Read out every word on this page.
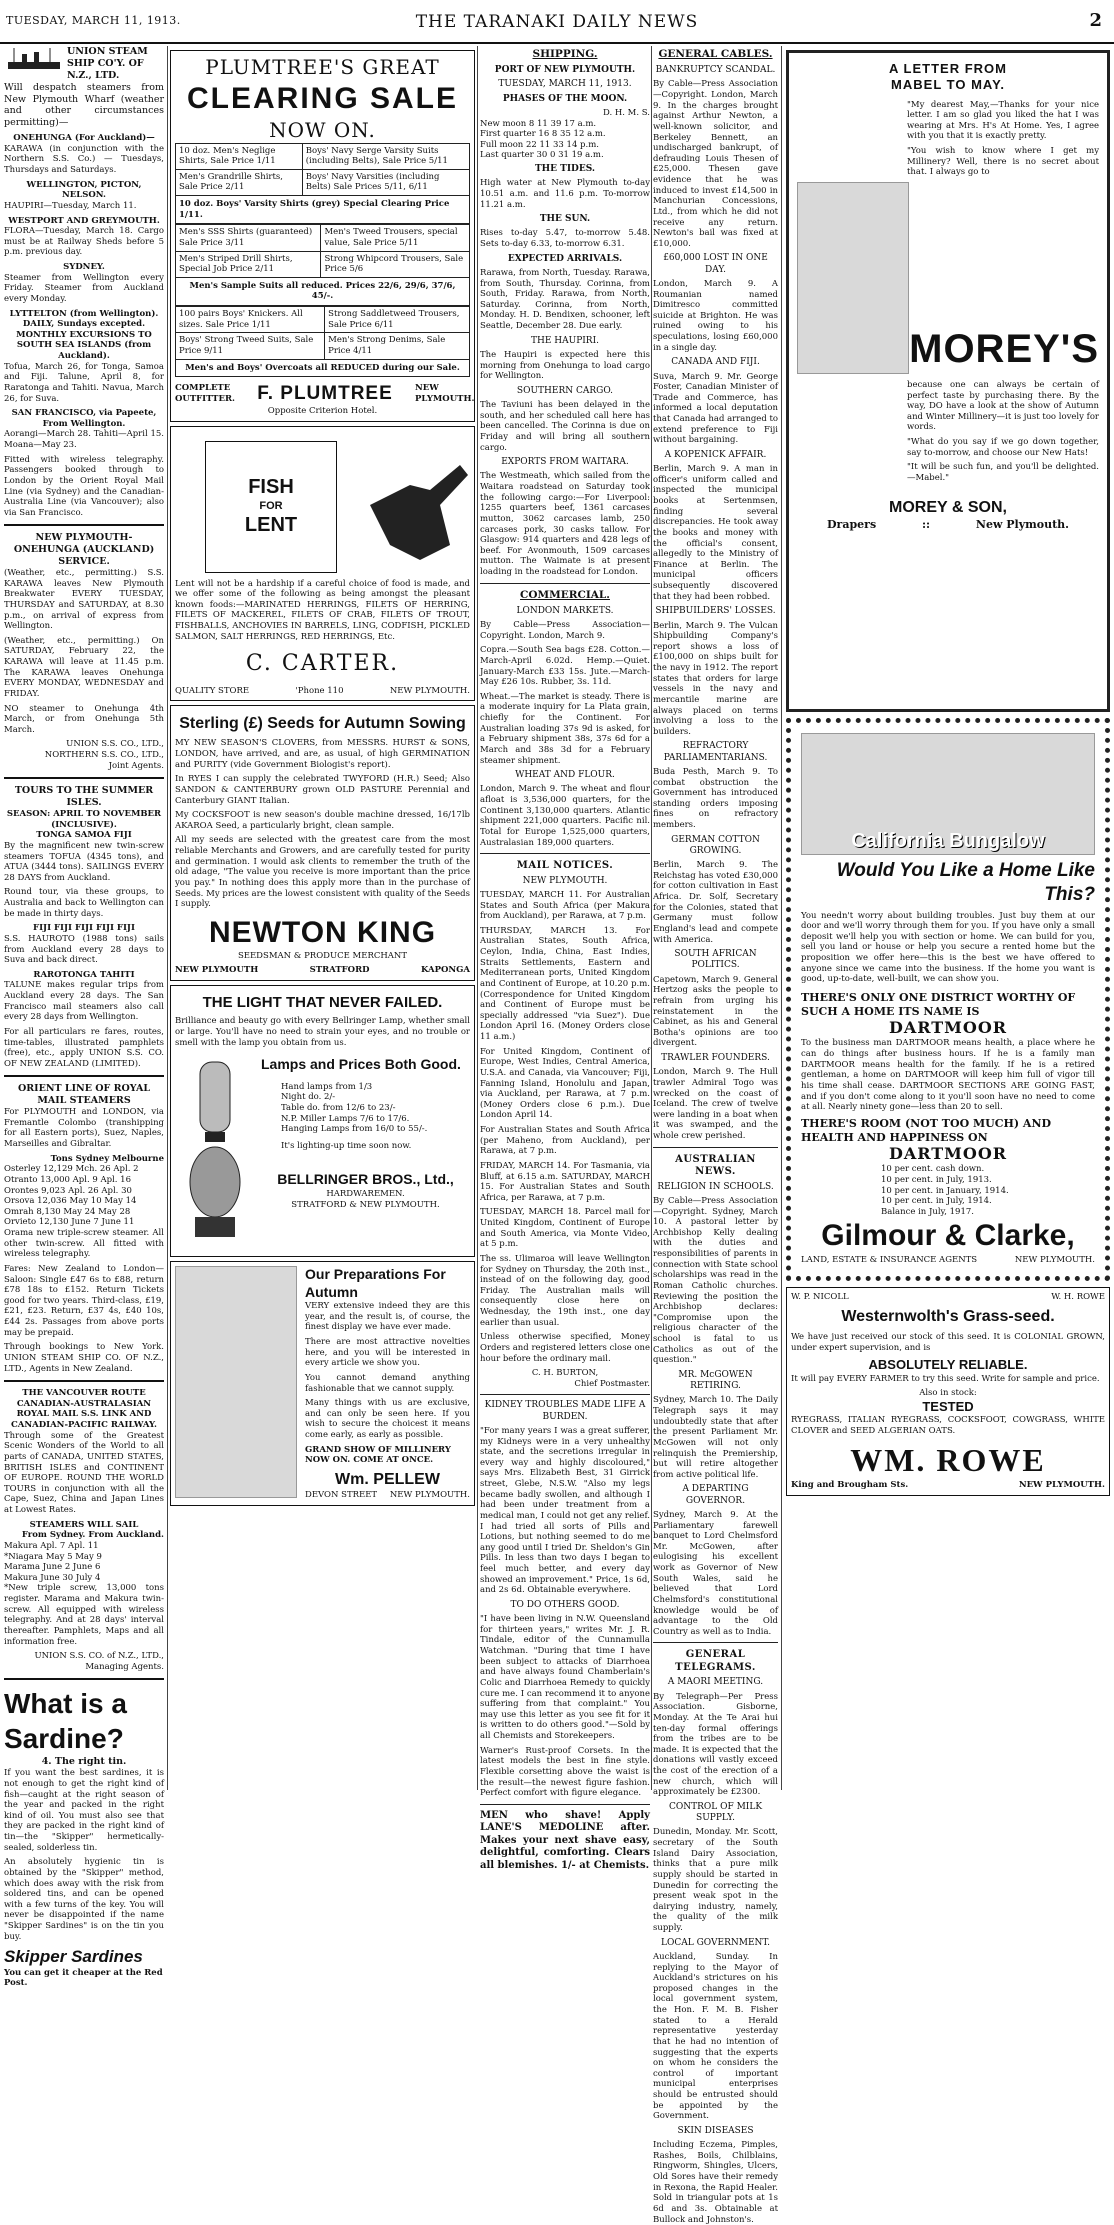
TUESDAY, MARCH 11, 1913.	THE TARANAKI DAILY NEWS	2
UNION STEAM SHIP CO'Y. OF N.Z., LTD.

Will despatch steamers from New Plymouth Wharf (weather and other circumstances permitting)—

ONEHUNGA (For Auckland)—

KARAWA (in conjunction with the Northern S.S. Co.) — Tuesdays, Thursdays and Saturdays.

WELLINGTON, PICTON, NELSON.

HAUPIRI—Tuesday, March 11.

WESTPORT AND GREYMOUTH.

FLORA—Tuesday, March 18. Cargo must be at Railway Sheds before 5 p.m. previous day.

SYDNEY.

Steamer from Wellington every Friday. Steamer from Auckland every Monday.

LYTTELTON (from Wellington). DAILY, Sundays excepted.
MONTHLY EXCURSIONS TO SOUTH SEA ISLANDS (from Auckland).

Tofua, March 26, for Tonga, Samoa and Fiji. Talune, April 8, for Raratonga and Tahiti. Navua, March 26, for Suva.

SAN FRANCISCO, via Papeete, From Wellington.

Aorangi—March 28. Tahiti—April 15. Moana—May 23.

Fitted with wireless telegraphy. Passengers booked through to London by the Orient Royal Mail Line (via Sydney) and the Canadian-Australia Line (via Vancouver); also via San Francisco.

NEW PLYMOUTH-ONEHUNGA (AUCKLAND) SERVICE.

(Weather, etc., permitting.) S.S. KARAWA leaves New Plymouth Breakwater EVERY TUESDAY, THURSDAY and SATURDAY, at 8.30 p.m., on arrival of express from Wellington.

(Weather, etc., permitting.) On SATURDAY, February 22, the KARAWA will leave at 11.45 p.m. The KARAWA leaves Onehunga EVERY MONDAY, WEDNESDAY and FRIDAY.

NO steamer to Onehunga 4th March, or from Onehunga 5th March.

UNION S.S. CO., LTD.,
NORTHERN S.S. CO., LTD.,
Joint Agents.
TOURS TO THE SUMMER ISLES.
SEASON: APRIL TO NOVEMBER (INCLUSIVE).
TONGA SAMOA FIJI

By the magnificent new twin-screw steamers TOFUA (4345 tons), and ATUA (3444 tons). SAILINGS EVERY 28 DAYS from Auckland.

Round tour, via these groups, to Australia and back to Wellington can be made in thirty days.

FIJI FIJI FIJI FIJI FIJI

S.S. HAUROTO (1988 tons) sails from Auckland every 28 days to Suva and back direct.

RAROTONGA TAHITI

TALUNE makes regular trips from Auckland every 28 days. The San Francisco mail steamers also call every 28 days from Wellington.

For all particulars re fares, routes, time-tables, illustrated pamphlets (free), etc., apply UNION S.S. CO. OF NEW ZEALAND (LIMITED).

ORIENT LINE OF ROYAL MAIL STEAMERS

For PLYMOUTH and LONDON, via Fremantle Colombo (transhipping for all Eastern ports), Suez, Naples, Marseilles and Gibraltar.

Tons Sydney Melbourne
Osterley 12,129 Mch. 26 Apl. 2
Otranto 13,000 Apl. 9 Apl. 16
Orontes 9,023 Apl. 26 Apl. 30
Orsova 12,036 May 10 May 14
Omrah 8,130 May 24 May 28
Orvieto 12,130 June 7 June 11

Orama new triple-screw steamer. All other twin-screw. All fitted with wireless telegraphy.

Fares: New Zealand to London—Saloon: Single £47 6s to £88, return £78 18s to £152. Return Tickets good for two years. Third-class, £19, £21, £23. Return, £37 4s, £40 10s, £44 2s. Passages from above ports may be prepaid.

Through bookings to New York. UNION STEAM SHIP CO. OF N.Z., LTD., Agents in New Zealand.

THE VANCOUVER ROUTE CANADIAN-AUSTRALASIAN ROYAL MAIL S.S. LINK AND CANADIAN-PACIFIC RAILWAY.

Through some of the Greatest Scenic Wonders of the World to all parts of CANADA, UNITED STATES, BRITISH ISLES and CONTINENT OF EUROPE. ROUND THE WORLD TOURS in conjunction with all the Cape, Suez, China and Japan Lines at Lowest Rates.

STEAMERS WILL SAIL
From Sydney. From Auckland.
Makura Apl. 7 Apl. 11
*Niagara May 5 May 9
Marama June 2 June 6
Makura June 30 July 4

*New triple screw, 13,000 tons register. Marama and Makura twin-screw. All equipped with wireless telegraphy. And at 28 days' interval thereafter. Pamphlets, Maps and all information free.

UNION S.S. CO. of N.Z., LTD., Managing Agents.
What is a Sardine?
4. The right tin.

If you want the best sardines, it is not enough to get the right kind of fish—caught at the right season of the year and packed in the right kind of oil. You must also see that they are packed in the right kind of tin—the "Skipper" hermetically-sealed, solderless tin.

An absolutely hygienic tin is obtained by the "Skipper" method, which does away with the risk from soldered tins, and can be opened with a few turns of the key. You will never be disappointed if the name "Skipper Sardines" is on the tin you buy.

Skipper Sardines
You can get it cheaper at the Red Post.
PLUMTREE'S GREAT
CLEARING SALE
NOW ON.
10 doz. Men's Neglige Shirts, Sale Price 1/11	Boys' Navy Serge Varsity Suits (including Belts), Sale Price 5/11
Men's Grandrille Shirts, Sale Price 2/11	Boys' Navy Varsities (including Belts) Sale Prices 5/11, 6/11
10 doz. Boys' Varsity Shirts (grey) Special Clearing Price 1/11.
Men's SSS Shirts (guaranteed) Sale Price 3/11	Men's Tweed Trousers, special value, Sale Price 5/11
Men's Striped Drill Shirts, Special Job Price 2/11	Strong Whipcord Trousers, Sale Price 5/6
Men's Sample Suits all reduced. Prices 22/6, 29/6, 37/6, 45/-.
100 pairs Boys' Knickers. All sizes. Sale Price 1/11	Strong Saddletweed Trousers, Sale Price 6/11
Boys' Strong Tweed Suits, Sale Price 9/11	Men's Strong Denims, Sale Price 4/11
Men's and Boys' Overcoats all REDUCED during our Sale.
COMPLETE OUTFITTER. F. PLUMTREE	NEW PLYMOUTH.
Opposite Criterion Hotel.
FISH
FOR
LENT

Lent will not be a hardship if a careful choice of food is made, and we offer some of the following as being amongst the pleasant known foods:—MARINATED HERRINGS, FILETS OF HERRING, FILETS OF MACKEREL, FILETS OF CRAB, FILETS OF TROUT, FISHBALLS, ANCHOVIES IN BARRELS, LING, CODFISH, PICKLED SALMON, SALT HERRINGS, RED HERRINGS, Etc.

C. CARTER.
QUALITY STORE	'Phone 110	NEW PLYMOUTH.
Sterling (£) Seeds for Autumn Sowing

MY NEW SEASON'S CLOVERS, from MESSRS. HURST & SONS, LONDON, have arrived, and are, as usual, of high GERMINATION and PURITY (vide Government Biologist's report).

In RYES I can supply the celebrated TWYFORD (H.R.) Seed; Also SANDON & CANTERBURY grown OLD PASTURE Perennial and Canterbury GIANT Italian.

My COCKSFOOT is new season's double machine dressed, 16/17lb AKAROA Seed, a particularly bright, clean sample.

All my seeds are selected with the greatest care from the most reliable Merchants and Growers, and are carefully tested for purity and germination. I would ask clients to remember the truth of the old adage, "The value you receive is more important than the price you pay." In nothing does this apply more than in the purchase of Seeds. My prices are the lowest consistent with quality of the Seeds I supply.

NEWTON KING
SEEDSMAN & PRODUCE MERCHANT
NEW PLYMOUTH	STRATFORD	KAPONGA
THE LIGHT THAT NEVER FAILED.

Brilliance and beauty go with every Bellringer Lamp, whether small or large. You'll have no need to strain your eyes, and no trouble or smell with the lamp you obtain from us.

Lamps and Prices Both Good.
Hand lamps from 1/3
Night do. 2/-
Table do. from 12/6 to 23/-
N.P. Miller Lamps 7/6 to 17/6.
Hanging Lamps from 16/0 to 55/-.
It's lighting-up time soon now.
BELLRINGER BROS., Ltd.,
HARDWAREMEN.
STRATFORD & NEW PLYMOUTH.
Our Preparations For Autumn

VERY extensive indeed they are this year, and the result is, of course, the finest display we have ever made.

There are most attractive novelties here, and you will be interested in every article we show you.

You cannot demand anything fashionable that we cannot supply.

Many things with us are exclusive, and can only be seen here. If you wish to secure the choicest it means come early, as early as possible.

GRAND SHOW OF MILLINERY NOW ON. COME AT ONCE.
Wm. PELLEW
DEVON STREET NEW PLYMOUTH.
SHIPPING.
PORT OF NEW PLYMOUTH.
TUESDAY, MARCH 11, 1913.
PHASES OF THE MOON.
D. H. M. S.
New moon 8 11 39 17 a.m.
First quarter 16 8 35 12 a.m.
Full moon 22 11 33 14 p.m.
Last quarter 30 0 31 19 a.m.
THE TIDES.

High water at New Plymouth to-day 10.51 a.m. and 11.6 p.m. To-morrow 11.21 a.m.

THE SUN.

Rises to-day 5.47, to-morrow 5.48. Sets to-day 6.33, to-morrow 6.31.

EXPECTED ARRIVALS.

Rarawa, from North, Tuesday. Rarawa, from South, Thursday. Corinna, from South, Friday. Rarawa, from North, Saturday. Corinna, from North, Monday. H. D. Bendixen, schooner, left Seattle, December 28. Due early.

THE HAUPIRI.

The Haupiri is expected here this morning from Onehunga to load cargo for Wellington.

SOUTHERN CARGO.

The Taviuni has been delayed in the south, and her scheduled call here has been cancelled. The Corinna is due on Friday and will bring all southern cargo.

EXPORTS FROM WAITARA.

The Westmeath, which sailed from the Waitara roadstead on Saturday took the following cargo:—For Liverpool: 1255 quarters beef, 1361 carcases mutton, 3062 carcases lamb, 250 carcases pork, 30 casks tallow. For Glasgow: 914 quarters and 428 legs of beef. For Avonmouth, 1509 carcases mutton. The Waimate is at present loading in the roadstead for London.

COMMERCIAL.
LONDON MARKETS.

By Cable—Press Association—Copyright. London, March 9.

Copra.—South Sea bags £28. Cotton.—March-April 6.02d. Hemp.—Quiet. January-March £33 15s. Jute.—March-May £26 10s. Rubber, 3s. 11d.

Wheat.—The market is steady. There is a moderate inquiry for La Plata grain, chiefly for the Continent. For Australian loading 37s 9d is asked, for a February shipment 38s, 37s 6d for a March and 38s 3d for a February steamer shipment.

WHEAT AND FLOUR.

London, March 9. The wheat and flour afloat is 3,536,000 quarters, for the Continent 3,130,000 quarters. Atlantic shipment 221,000 quarters. Pacific nil. Total for Europe 1,525,000 quarters, Australasian 189,000 quarters.

MAIL NOTICES.
NEW PLYMOUTH.

TUESDAY, MARCH 11. For Australian States and South Africa (per Makura from Auckland), per Rarawa, at 7 p.m.

THURSDAY, MARCH 13. For Australian States, South Africa, Ceylon, India, China, East Indies, Straits Settlements, Eastern and Mediterranean ports, United Kingdom and Continent of Europe, at 10.20 p.m. (Correspondence for United Kingdom and Continent of Europe must be specially addressed "via Suez"). Due London April 16. (Money Orders close 11 a.m.)

For United Kingdom, Continent of Europe, West Indies, Central America, U.S.A. and Canada, via Vancouver; Fiji, Fanning Island, Honolulu and Japan, via Auckland, per Rarawa, at 7 p.m. (Money Orders close 6 p.m.). Due London April 14.

For Australian States and South Africa (per Maheno, from Auckland), per Rarawa, at 7 p.m.

FRIDAY, MARCH 14. For Tasmania, via Bluff, at 6.15 a.m. SATURDAY, MARCH 15. For Australian States and South Africa, per Rarawa, at 7 p.m.

TUESDAY, MARCH 18. Parcel mail for United Kingdom, Continent of Europe and South America, via Monte Video, at 5 p.m.

The ss. Ulimaroa will leave Wellington for Sydney on Thursday, the 20th inst., instead of on the following day, good Friday. The Australian mails will consequently close here on Wednesday, the 19th inst., one day earlier than usual.

Unless otherwise specified, Money Orders and registered letters close one hour before the ordinary mail.

C. H. BURTON,
Chief Postmaster.
KIDNEY TROUBLES MADE LIFE A BURDEN.

"For many years I was a great sufferer, my Kidneys were in a very unhealthy state, and the secretions irregular in every way and highly discoloured," says Mrs. Elizabeth Best, 31 Girrick street, Glebe, N.S.W. "Also my legs became badly swollen, and although I had been under treatment from a medical man, I could not get any relief. I had tried all sorts of Pills and Lotions, but nothing seemed to do me any good until I tried Dr. Sheldon's Gin Pills. In less than two days I began to feel much better, and every day showed an improvement." Price, 1s 6d, and 2s 6d. Obtainable everywhere.

TO DO OTHERS GOOD.

"I have been living in N.W. Queensland for thirteen years," writes Mr. J. R. Tindale, editor of the Cunnamulla Watchman. "During that time I have been subject to attacks of Diarrhoea and have always found Chamberlain's Colic and Diarrhoea Remedy to quickly cure me. I can recommend it to anyone suffering from that complaint." You may use this letter as you see fit for it is written to do others good."—Sold by all Chemists and Storekeepers.

Warner's Rust-proof Corsets. In the latest models the best in fine style. Flexible corsetting above the waist is the result—the newest figure fashion. Perfect comfort with figure elegance.

MEN who shave! Apply LANE'S MEDOLINE after. Makes your next shave easy, delightful, comforting. Clears all blemishes. 1/- at Chemists.

GENERAL CABLES.
BANKRUPTCY SCANDAL.

By Cable—Press Association—Copyright. London, March 9. In the charges brought against Arthur Newton, a well-known solicitor, and Berkeley Bennett, an undischarged bankrupt, of defrauding Louis Thesen of £25,000. Thesen gave evidence that he was induced to invest £14,500 in Manchurian Concessions, Ltd., from which he did not receive any return. Newton's bail was fixed at £10,000.

£60,000 LOST IN ONE DAY.

London, March 9. A Roumanian named Dimitresco committed suicide at Brighton. He was ruined owing to his speculations, losing £60,000 in a single day.

CANADA AND FIJI.

Suva, March 9. Mr. George Foster, Canadian Minister of Trade and Commerce, has informed a local deputation that Canada had arranged to extend preference to Fiji without bargaining.

A KOPENICK AFFAIR.

Berlin, March 9. A man in officer's uniform called and inspected the municipal books at Sertenmsen, finding several discrepancies. He took away the books and money with the official's consent, allegedly to the Ministry of Finance at Berlin. The municipal officers subsequently discovered that they had been robbed.

SHIPBUILDERS' LOSSES.

Berlin, March 9. The Vulcan Shipbuilding Company's report shows a loss of £100,000 on ships built for the navy in 1912. The report states that orders for large vessels in the navy and mercantile marine are always placed on terms involving a loss to the builders.

REFRACTORY PARLIAMENTARIANS.

Buda Pesth, March 9. To combat obstruction the Government has introduced standing orders imposing fines on refractory members.

GERMAN COTTON GROWING.

Berlin, March 9. The Reichstag has voted £30,000 for cotton cultivation in East Africa. Dr. Solf, Secretary for the Colonies, stated that Germany must follow England's lead and compete with America.

SOUTH AFRICAN POLITICS.

Capetown, March 9. General Hertzog asks the people to refrain from urging his reinstatement in the Cabinet, as his and General Botha's opinions are too divergent.

TRAWLER FOUNDERS.

London, March 9. The Hull trawler Admiral Togo was wrecked on the coast of Iceland. The crew of twelve were landing in a boat when it was swamped, and the whole crew perished.

AUSTRALIAN NEWS.
RELIGION IN SCHOOLS.

By Cable—Press Association—Copyright. Sydney, March 10. A pastoral letter by Archbishop Kelly dealing with the duties and responsibilities of parents in connection with State school scholarships was read in the Roman Catholic churches. Reviewing the position the Archbishop declares: "Compromise upon the religious character of the school is fatal to us Catholics as out of the question."

MR. McGOWEN RETIRING.

Sydney, March 10. The Daily Telegraph says it may undoubtedly state that after the present Parliament Mr. McGowen will not only relinquish the Premiership, but will retire altogether from active political life.

A DEPARTING GOVERNOR.

Sydney, March 9. At the Parliamentary farewell banquet to Lord Chelmsford Mr. McGowen, after eulogising his excellent work as Governor of New South Wales, said he believed that Lord Chelmsford's constitutional knowledge would be of advantage to the Old Country as well as to India.

GENERAL TELEGRAMS.
A MAORI MEETING.

By Telegraph—Per Press Association. Gisborne, Monday. At the Te Arai hui ten-day formal offerings from the tribes are to be made. It is expected that the donations will vastly exceed the cost of the erection of a new church, which will approximately be £2300.

CONTROL OF MILK SUPPLY.

Dunedin, Monday. Mr. Scott, secretary of the South Island Dairy Association, thinks that a pure milk supply should be started in Dunedin for correcting the present weak spot in the dairying industry, namely, the quality of the milk supply.

LOCAL GOVERNMENT.

Auckland, Sunday. In replying to the Mayor of Auckland's strictures on his proposed changes in the local government system, the Hon. F. M. B. Fisher stated to a Herald representative yesterday that he had no intention of suggesting that the experts on whom he considers the control of important municipal enterprises should be entrusted should be appointed by the Government.

SKIN DISEASES

Including Eczema, Pimples, Rashes, Boils, Chilblains, Ringworm, Shingles, Ulcers, Old Sores have their remedy in Rexona, the Rapid Healer. Sold in triangular pots at 1s 6d and 3s. Obtainable at Bullock and Johnston's.

A LETTER FROM
MABEL TO MAY.

"My dearest May,—Thanks for your nice letter. I am so glad you liked the hat I was wearing at Mrs. H's At Home. Yes, I agree with you that it is exactly pretty.

"You wish to know where I get my Millinery? Well, there is no secret about that. I always go to

MOREY'S

because one can always be certain of perfect taste by purchasing there. By the way, DO have a look at the show of Autumn and Winter Millinery—it is just too lovely for words.

"What do you say if we go down together, say to-morrow, and choose our New Hats!

"It will be such fun, and you'll be delighted.—Mabel."

MOREY & SON,
Drapers	::	New Plymouth.
California Bungalow
Would You Like a Home Like This?

You needn't worry about building troubles. Just buy them at our door and we'll worry through them for you. If you have only a small deposit we'll help you with section or home. We can build for you, sell you land or house or help you secure a rented home but the proposition we offer here—this is the best we have offered to anyone since we came into the business. If the home you want is good, up-to-date, well-built, we can show you.

THERE'S ONLY ONE DISTRICT WORTHY OF SUCH A HOME ITS NAME IS
DARTMOOR

To the business man DARTMOOR means health, a place where he can do things after business hours. If he is a family man DARTMOOR means health for the family. If he is a retired gentleman, a home on DARTMOOR will keep him full of vigor till his time shall cease. DARTMOOR SECTIONS ARE GOING FAST, and if you don't come along to it you'll soon have no need to come at all. Nearly ninety gone—less than 20 to sell.

THERE'S ROOM (NOT TOO MUCH) AND HEALTH AND HAPPINESS ON
DARTMOOR
10 per cent. cash down.
10 per cent. in July, 1913.
10 per cent. in January, 1914.
10 per cent. in July, 1914.
Balance in July, 1917.
Gilmour & Clarke,
LAND, ESTATE & INSURANCE AGENTS	NEW PLYMOUTH.
W. P. NICOLL	W. H. ROWE
Westernwolth's Grass-seed.

We have just received our stock of this seed. It is COLONIAL GROWN, under expert supervision, and is

ABSOLUTELY RELIABLE.

It will pay EVERY FARMER to try this seed. Write for sample and price.

Also in stock:
TESTED

RYEGRASS, ITALIAN RYEGRASS, COCKSFOOT, COWGRASS, WHITE CLOVER and SEED ALGERIAN OATS.

WM. ROWE
King and Brougham Sts.	NEW PLYMOUTH.
